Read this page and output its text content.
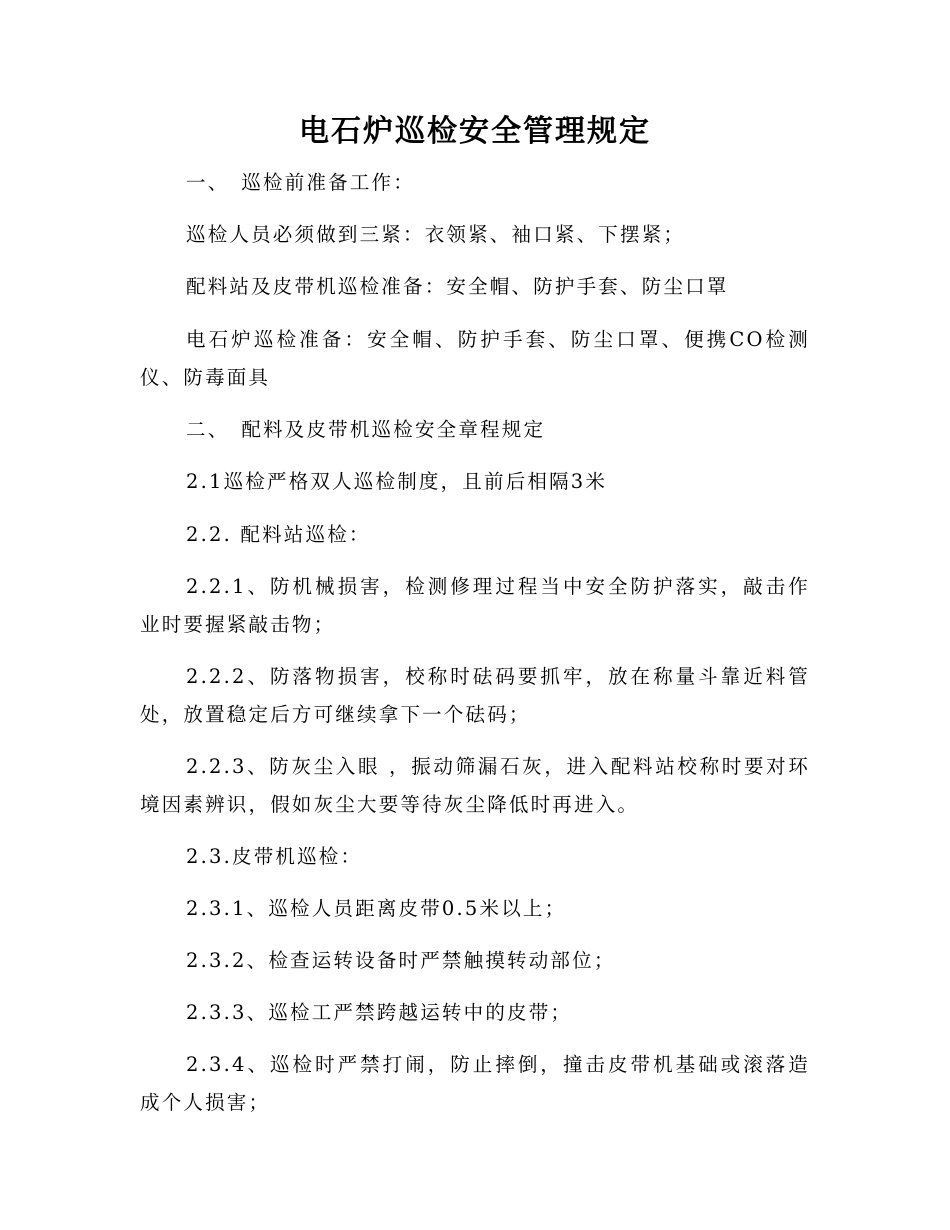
电石炉巡检安全管理规定
一、　巡检前准备工作：
巡检人员必须做到三紧：衣领紧、袖口紧、下摆紧；
配料站及皮带机巡检准备：安全帽、防护手套、防尘口罩
电石炉巡检准备：安全帽、防护手套、防尘口罩、便携CO检测仪、防毒面具
二、　配料及皮带机巡检安全章程规定
2.1巡检严格双人巡检制度，且前后相隔3米
2.2. 配料站巡检：
2.2.1、防机械损害，检测修理过程当中安全防护落实，敲击作业时要握紧敲击物；
2.2.2、防落物损害，校称时砝码要抓牢，放在称量斗靠近料管处，放置稳定后方可继续拿下一个砝码；
2.2.3、防灰尘入眼 ，振动筛漏石灰，进入配料站校称时要对环境因素辨识，假如灰尘大要等待灰尘降低时再进入。
2.3.皮带机巡检：
2.3.1、巡检人员距离皮带0.5米以上；
2.3.2、检查运转设备时严禁触摸转动部位；
2.3.3、巡检工严禁跨越运转中的皮带；
2.3.4、巡检时严禁打闹，防止摔倒，撞击皮带机基础或滚落造成个人损害；
